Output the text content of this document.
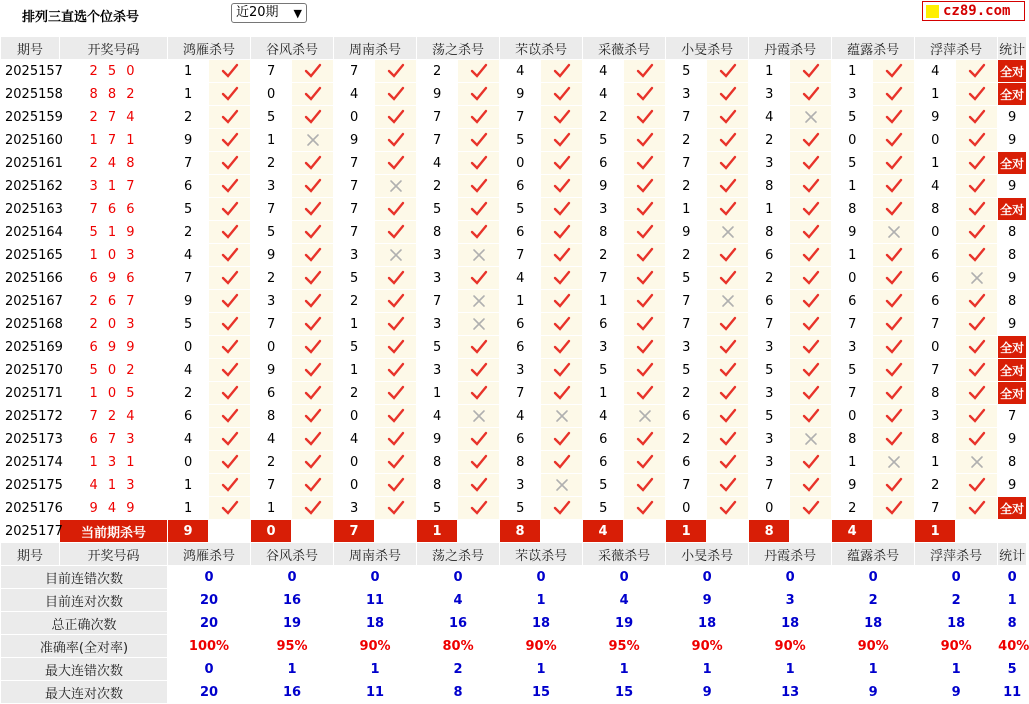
排列三直选个位杀号	近20期 ▼	cz89.com
期号	开奖号码	鸿雁杀号		谷风杀号		周南杀号		荡之杀号		芣苡杀号		采薇杀号		小旻杀号		丹霞杀号		蕴露杀号		浮萍杀号		统计
2025157	2 5 0	1		7		7		2		4		4		5		1		1		4		全对
2025158	8 8 2	1		0		4		9		9		4		3		3		3		1		全对
2025159	2 7 4	2		5		0		7		7		2		7		4		5		9		9
2025160	1 7 1	9		1		9		7		5		5		2		2		0		0		9
2025161	2 4 8	7		2		7		4		0		6		7		3		5		1		全对
2025162	3 1 7	6		3		7		2		6		9		2		8		1		4		9
2025163	7 6 6	5		7		7		5		5		3		1		1		8		8		全对
2025164	5 1 9	2		5		7		8		6		8		9		8		9		0		8
2025165	1 0 3	4		9		3		3		7		2		2		6		1		6		8
2025166	6 9 6	7		2		5		3		4		7		5		2		0		6		9
2025167	2 6 7	9		3		2		7		1		1		7		6		6		6		8
2025168	2 0 3	5		7		1		3		6		6		7		7		7		7		9
2025169	6 9 9	0		0		5		5		6		3		3		3		3		0		全对
2025170	5 0 2	4		9		1		3		3		5		5		5		5		7		全对
2025171	1 0 5	2		6		2		1		7		1		2		3		7		8		全对
2025172	7 2 4	6		8		0		4		4		4		6		5		0		3		7
2025173	6 7 3	4		4		4		9		6		6		2		3		8		8		9
2025174	1 3 1	0		2		0		8		8		6		6		3		1		1		8
2025175	4 1 3	1		7		0		8		3		5		7		7		9		2		9
2025176	9 4 9	1		1		3		5		5		5		0		0		2		7		全对
2025177	当前期杀号	9		0		7		1		8		4		1		8		4		1		
期号	开奖号码	鸿雁杀号		谷风杀号		周南杀号		荡之杀号		芣苡杀号		采薇杀号		小旻杀号		丹霞杀号		蕴露杀号		浮萍杀号		统计
目前连错次数		0		0		0		0		0		0		0		0		0		0		0
目前连对次数		20		16		11		4		1		4		9		3		2		2		1
总正确次数		20		19		18		16		18		19		18		18		18		18		8
准确率(全对率)		100%		95%		90%		80%		90%		95%		90%		90%		90%		90%		40%
最大连错次数		0		1		1		2		1		1		1		1		1		1		5
最大连对次数		20		16		11		8		15		15		9		13		9		9		11
